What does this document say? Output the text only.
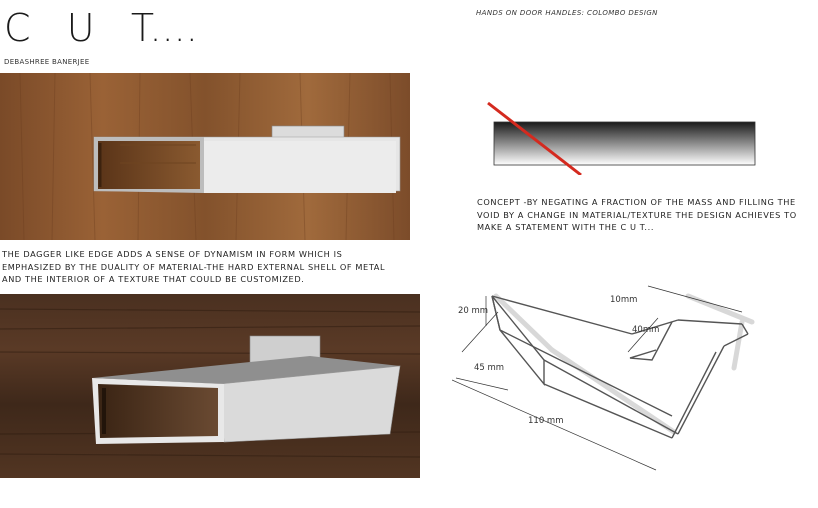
C   U   T....
DEBASHREE BANERJEE
HANDS ON DOOR HANDLES: COLOMBO DESIGN
THE DAGGER LIKE EDGE ADDS A SENSE OF DYNAMISM IN FORM WHICH IS EMPHASIZED BY THE DUALITY OF MATERIAL-THE HARD EXTERNAL SHELL OF METAL AND THE INTERIOR OF A TEXTURE THAT COULD BE CUSTOMIZED.
CONCEPT -BY NEGATING A FRACTION OF THE MASS AND FILLING THE VOID BY A CHANGE IN MATERIAL/TEXTURE THE DESIGN ACHIEVES TO MAKE A STATEMENT WITH THE C U T...
20 mm
45 mm
110 mm
10mm
40mm
